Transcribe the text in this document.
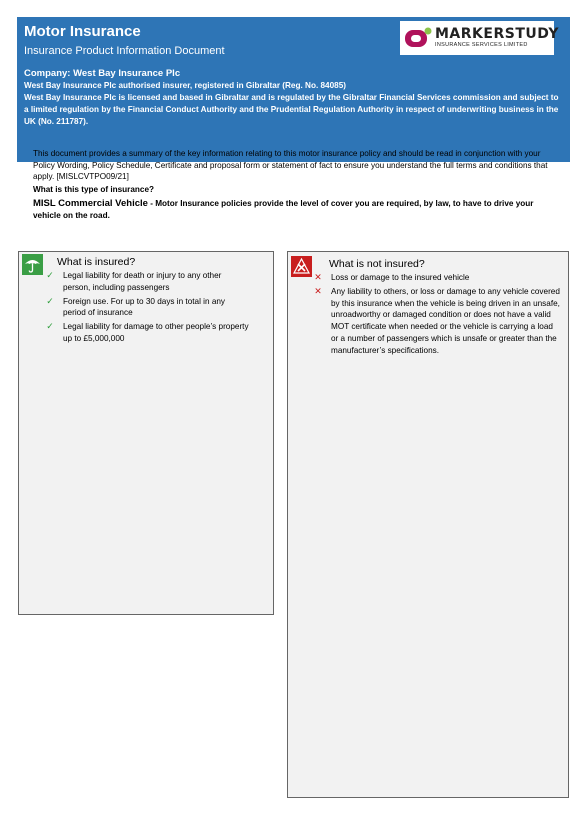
Motor Insurance
Insurance Product Information Document
Company: West Bay Insurance Plc
West Bay Insurance Plc authorised insurer, registered in Gibraltar (Reg. No. 84085)
West Bay Insurance Plc is licensed and based in Gibraltar and is regulated by the Gibraltar Financial Services commission and subject to a limited regulation by the Financial Conduct Authority and the Prudential Regulation Authority in respect of underwriting business in the UK (No. 211787).
MARKERSTUDY
INSURANCE SERVICES LIMITED

This document provides a summary of the key information relating to this motor insurance policy and should be read in conjunction with your Policy Wording, Policy Schedule, Certificate and proposal form or statement of fact to ensure you understand the full terms and conditions that apply. [MISLCVTPO09/21]

What is this type of insurance?

MISL Commercial Vehicle - Motor Insurance policies provide the level of cover you are required, by law, to have to drive your vehicle on the road.

What is insured?
✓ Legal liability for death or injury to any other person, including passengers
✓ Foreign use. For up to 30 days in total in any period of insurance
✓ Legal liability for damage to other people’s property up to £5,000,000
What is not insured?
✕ Loss or damage to the insured vehicle
✕ Any liability to others, or loss or damage to any vehicle covered by this insurance when the vehicle is being driven in an unsafe, unroadworthy or damaged condition or does not have a valid MOT certificate when needed or the vehicle is carrying a load or a number of passengers which is unsafe or greater than the manufacturer’s specifications.
